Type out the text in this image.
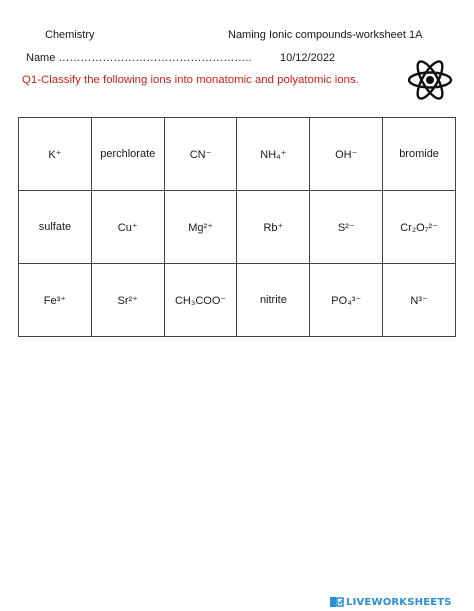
Chemistry	Naming Ionic compounds-worksheet 1A
Name ……………………………………………..	10/12/2022
Q1-Classify the following ions into monatomic and polyatomic ions.
K⁺	perchlorate	CN⁻	NH₄⁺	OH⁻	bromide
sulfate	Cu⁺	Mg²⁺	Rb⁺	S²⁻	Cr₂O₇²⁻
Fe³⁺	Sr²⁺	CH₃COO⁻	nitrite	PO₄³⁻	N³⁻
LIVEWORKSHEETS
